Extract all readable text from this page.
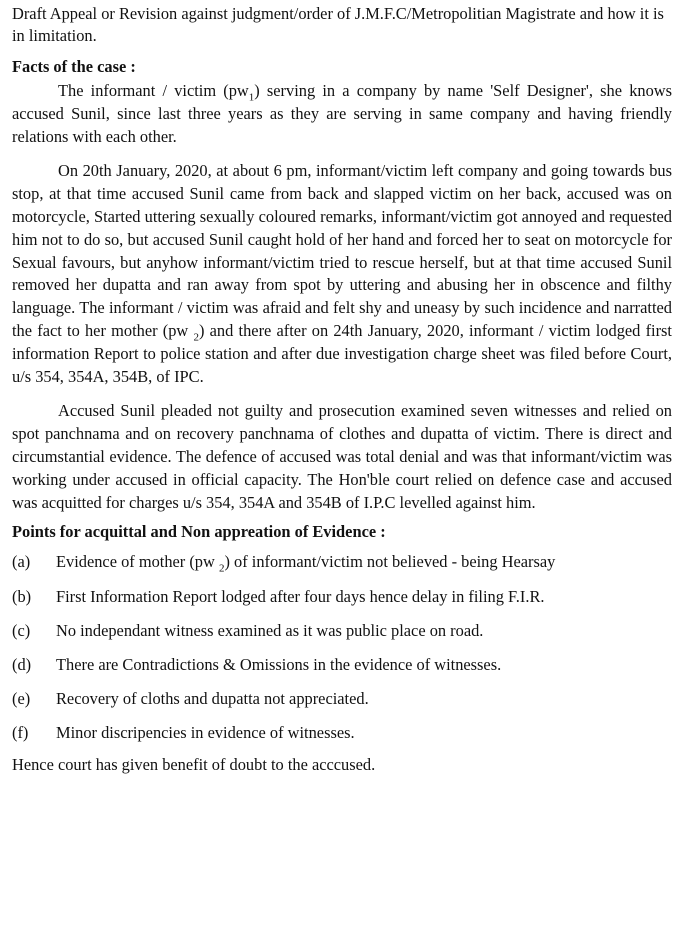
Draft Appeal or Revision against judgment/order of J.M.F.C/Metropolitian Magistrate and how it is in limitation.

Facts of the case :

The informant / victim $(pw_1)$ serving in a company by name 'Self Designer', she knows accused Sunil, since last three years as they are serving in same company and having friendly relations with each other.

On 20th January, 2020, at about 6 pm, informant/victim left company and going towards bus stop, at that time accused Sunil came from back and slapped victim on her back, accused was on motorcycle, Started uttering sexually coloured remarks, informant/victim got annoyed and requested him not to do so, but accused Sunil caught hold of her hand and forced her to seat on motorcycle for Sexual favours, but anyhow informant/victim tried to rescue herself, but at that time accused Sunil removed her dupatta and ran away from spot by uttering and abusing her in obscence and filthy language. The informant / victim was afraid and felt shy and uneasy by such incidence and narratted the fact to her mother (pw $_2$) and there after on 24th January, 2020, informant / victim lodged first information Report to police station and after due investigation charge sheet was filed before Court, u/s 354, 354A, 354B, of IPC.

Accused Sunil pleaded not guilty and prosecution examined seven witnesses and relied on spot panchnama and on recovery panchnama of clothes and dupatta of victim. There is direct and circumstantial evidence. The defence of accused was total denial and was that informant/victim was working under accused in official capacity. The Hon'ble court relied on defence case and accused was acquitted for charges u/s 354, 354A and 354B of I.P.C levelled against him.

Points for acquittal and Non appreation of Evidence :

(a)	Evidence of mother (pw $_2$) of informant/victim not believed - being Hearsay
(b)	First Information Report lodged after four days hence delay in filing F.I.R.
(c)	No independant witness examined as it was public place on road.
(d)	There are Contradictions & Omissions in the evidence of witnesses.
(e)	Recovery of cloths and dupatta not appreciated.
(f)	Minor discripencies in evidence of witnesses.

Hence court has given benefit of doubt to the acccused.
